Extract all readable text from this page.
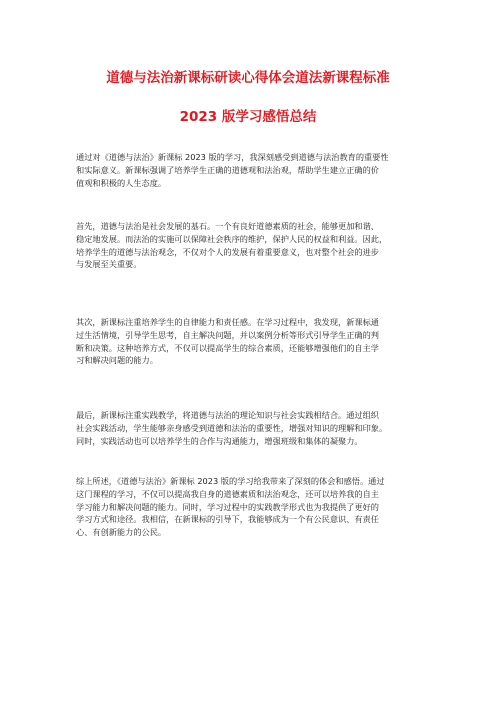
道德与法治新课标研读心得体会道法新课程标准
2023 版学习感悟总结
通过对《道德与法治》新课标 2023 版的学习，我深刻感受到道德与法治教育的重要性
和实际意义。新课标强调了培养学生正确的道德观和法治观，帮助学生建立正确的价
值观和积极的人生态度。
首先，道德与法治是社会发展的基石。一个有良好道德素质的社会，能够更加和谐、
稳定地发展。而法治的实施可以保障社会秩序的维护，保护人民的权益和利益。因此，
培养学生的道德与法治观念，不仅对个人的发展有着重要意义，也对整个社会的进步
与发展至关重要。
其次，新课标注重培养学生的自律能力和责任感。在学习过程中，我发现，新课标通
过生活情境，引导学生思考，自主解决问题，并以案例分析等形式引导学生正确的判
断和决策。这种培养方式，不仅可以提高学生的综合素质，还能够增强他们的自主学
习和解决问题的能力。
最后，新课标注重实践教学，将道德与法治的理论知识与社会实践相结合。通过组织
社会实践活动，学生能够亲身感受到道德和法治的重要性，增强对知识的理解和印象。
同时，实践活动也可以培养学生的合作与沟通能力，增强班级和集体的凝聚力。
综上所述，《道德与法治》新课标 2023 版的学习给我带来了深刻的体会和感悟。通过
这门课程的学习，不仅可以提高我自身的道德素质和法治观念，还可以培养我的自主
学习能力和解决问题的能力。同时，学习过程中的实践教学形式也为我提供了更好的
学习方式和途径。我相信，在新课标的引导下，我能够成为一个有公民意识、有责任
心、有创新能力的公民。
